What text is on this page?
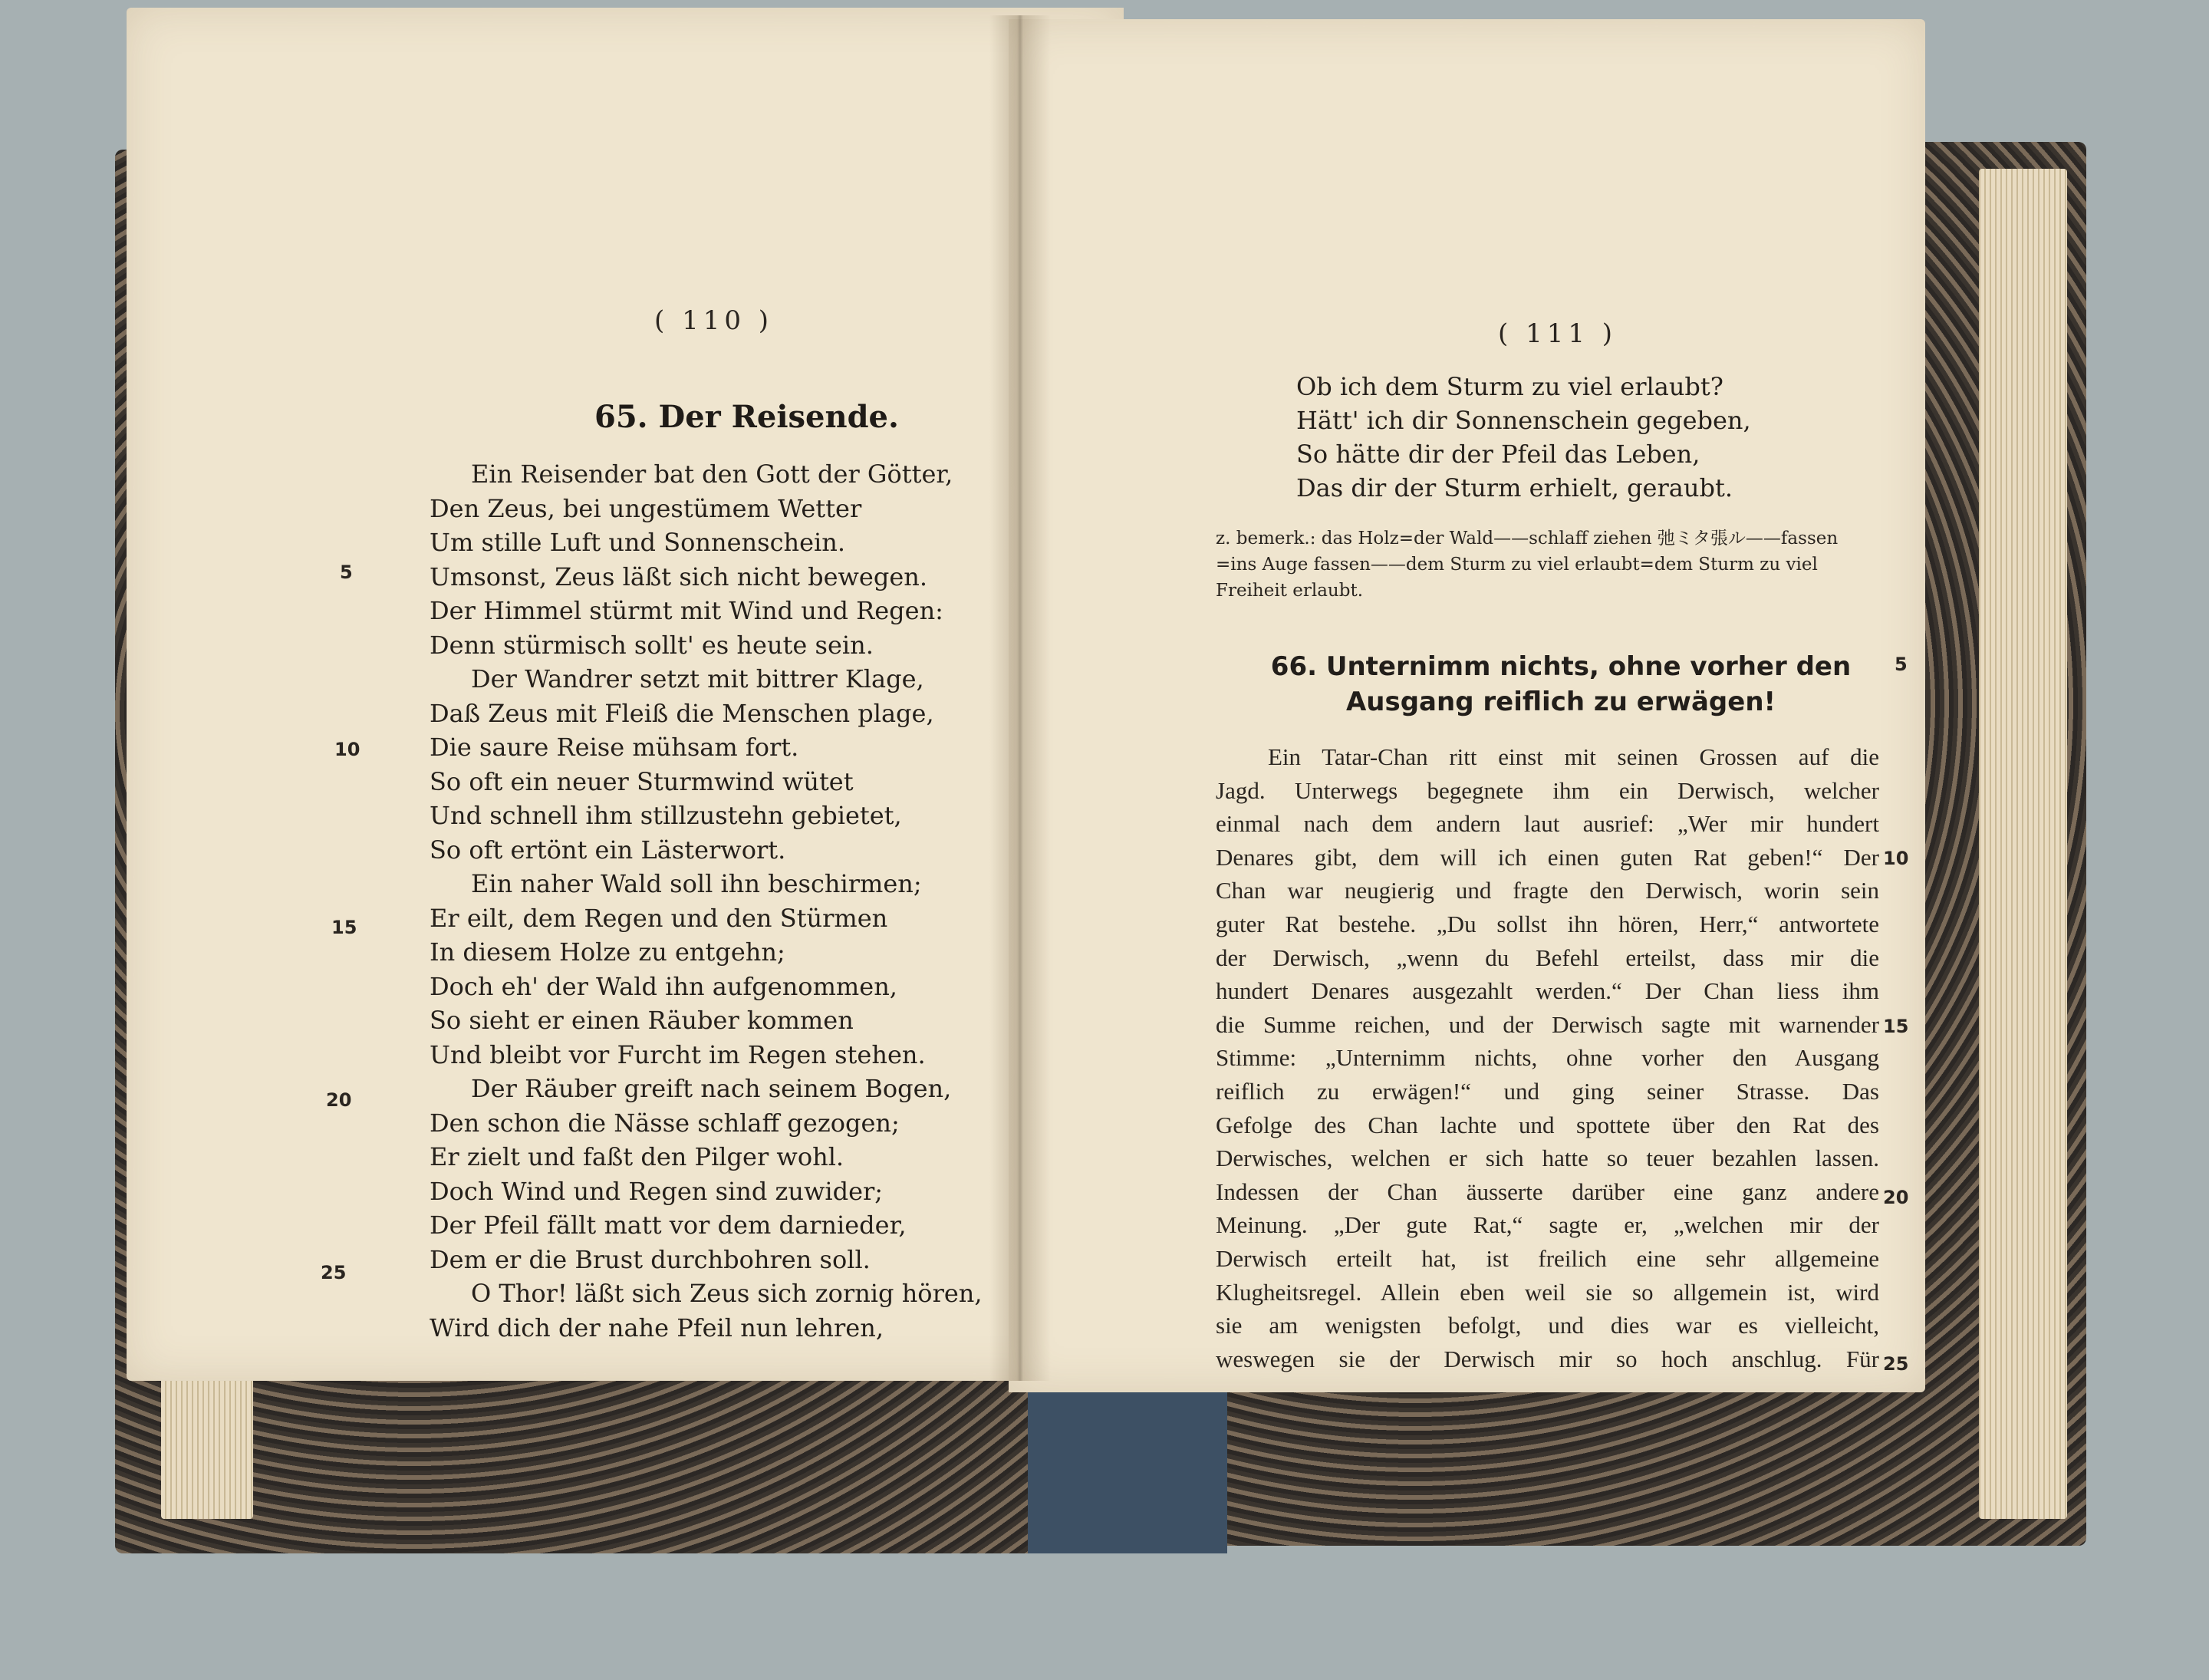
( 110 )
65. Der Reisende.
Ein Reisender bat den Gott der Götter,
Den Zeus, bei ungestümem Wetter
Um stille Luft und Sonnenschein.
Umsonst, Zeus läßt sich nicht bewegen.
Der Himmel stürmt mit Wind und Regen:
Denn stürmisch sollt' es heute sein.
Der Wandrer setzt mit bittrer Klage,
Daß Zeus mit Fleiß die Menschen plage,
Die saure Reise mühsam fort.
So oft ein neuer Sturmwind wütet
Und schnell ihm stillzustehn gebietet,
So oft ertönt ein Lästerwort.
Ein naher Wald soll ihn beschirmen;
Er eilt, dem Regen und den Stürmen
In diesem Holze zu entgehn;
Doch eh' der Wald ihn aufgenommen,
So sieht er einen Räuber kommen
Und bleibt vor Furcht im Regen stehen.
Der Räuber greift nach seinem Bogen,
Den schon die Nässe schlaff gezogen;
Er zielt und faßt den Pilger wohl.
Doch Wind und Regen sind zuwider;
Der Pfeil fällt matt vor dem darnieder,
Dem er die Brust durchbohren soll.
O Thor! läßt sich Zeus sich zornig hören,
Wird dich der nahe Pfeil nun lehren,
5
10
15
20
25
( 111 )
Ob ich dem Sturm zu viel erlaubt?
Hätt' ich dir Sonnenschein gegeben,
So hätte dir der Pfeil das Leben,
Das dir der Sturm erhielt, geraubt.
z. bemerk.: das Holz=der Wald——schlaff ziehen 弛ミタ張ル——fassen
=ins Auge fassen——dem Sturm zu viel erlaubt=dem Sturm zu viel
Freiheit erlaubt.
66. Unternimm nichts, ohne vorher den
Ausgang reiflich zu erwägen!
Ein Tatar-Chan ritt einst mit seinen Grossen auf die
Jagd. Unterwegs begegnete ihm ein Derwisch, welcher
einmal nach dem andern laut ausrief: „Wer mir hundert
Denares gibt, dem will ich einen guten Rat geben!“ Der
Chan war neugierig und fragte den Derwisch, worin sein
guter Rat bestehe. „Du sollst ihn hören, Herr,“ antwortete
der Derwisch, „wenn du Befehl erteilst, dass mir die
hundert Denares ausgezahlt werden.“ Der Chan liess ihm
die Summe reichen, und der Derwisch sagte mit warnender
Stimme: „Unternimm nichts, ohne vorher den Ausgang
reiflich zu erwägen!“ und ging seiner Strasse. Das
Gefolge des Chan lachte und spottete über den Rat des
Derwisches, welchen er sich hatte so teuer bezahlen lassen.
Indessen der Chan äusserte darüber eine ganz andere
Meinung. „Der gute Rat,“ sagte er, „welchen mir der
Derwisch erteilt hat, ist freilich eine sehr allgemeine
Klugheitsregel. Allein eben weil sie so allgemein ist, wird
sie am wenigsten befolgt, und dies war es vielleicht,
weswegen sie der Derwisch mir so hoch anschlug. Für
5
10
15
20
25
